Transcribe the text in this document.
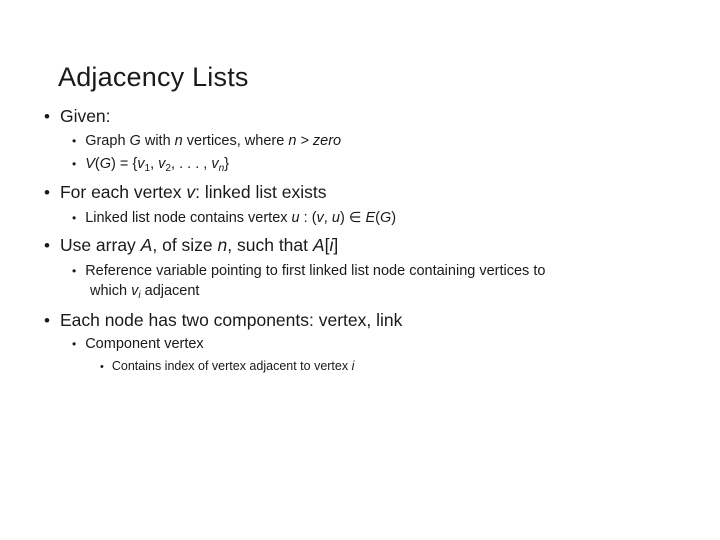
Adjacency Lists
• Given:
• Graph G with n vertices, where n > zero
• $V(G) = \{v_1$, $v_2$, . . . , $v_n$}
• For each vertex v: linked list exists
• Linked list node contains vertex u : (v, u) ∈ E(G)
• Use array A, of size n, such that A[i]
• Reference variable pointing to first linked list node containing vertices to
which $v_i$ adjacent
• Each node has two components: vertex, link
• Component vertex
• Contains index of vertex adjacent to vertex i
